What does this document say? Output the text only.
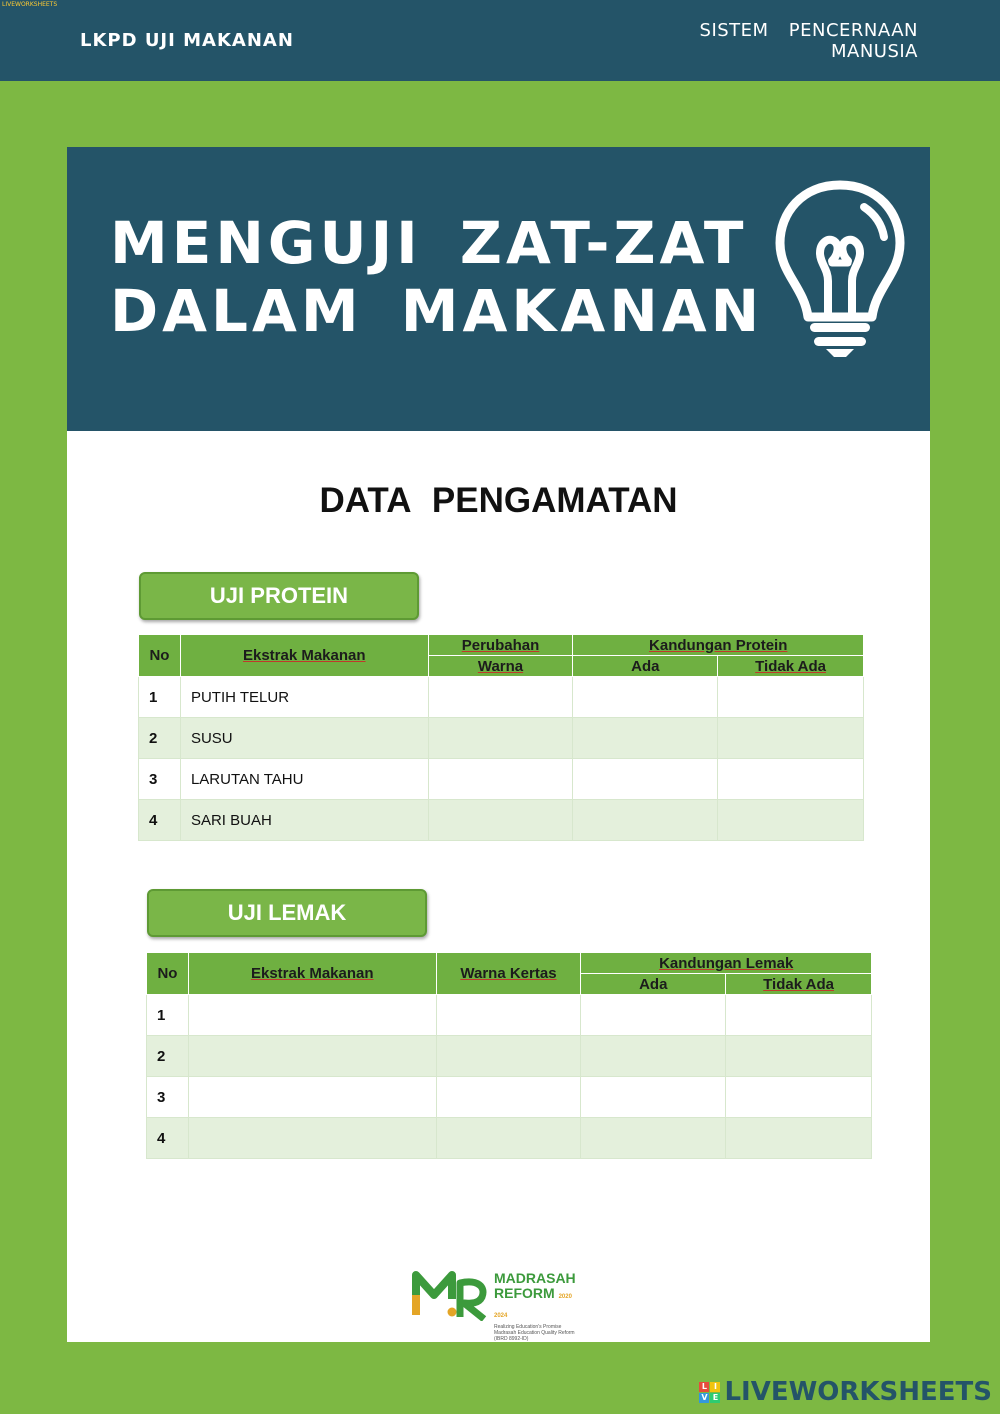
LIVEWORKSHEETS
LKPD UJI MAKANAN	SISTEM PENCERNAAN
MANUSIA
MENGUJI ZAT-ZAT
DALAM MAKANAN
DATA PENGAMATAN
UJI PROTEIN
No	Ekstrak Makanan	Perubahan	Kandungan Protein	
		Warna	Ada	Tidak Ada
1	PUTIH TELUR			
2	SUSU			
3	LARUTAN TAHU			
4	SARI BUAH			
UJI LEMAK
No	Ekstrak Makanan	Warna Kertas	Kandungan Lemak	
			Ada	Tidak Ada
1				
2				
3				
4				
MADRASAH
REFORM 2020 2024
Realizing Education's Promise
Madrasah Education Quality Reform
(IBRD 8992-ID)
L I
V E LIVEWORKSHEETS
